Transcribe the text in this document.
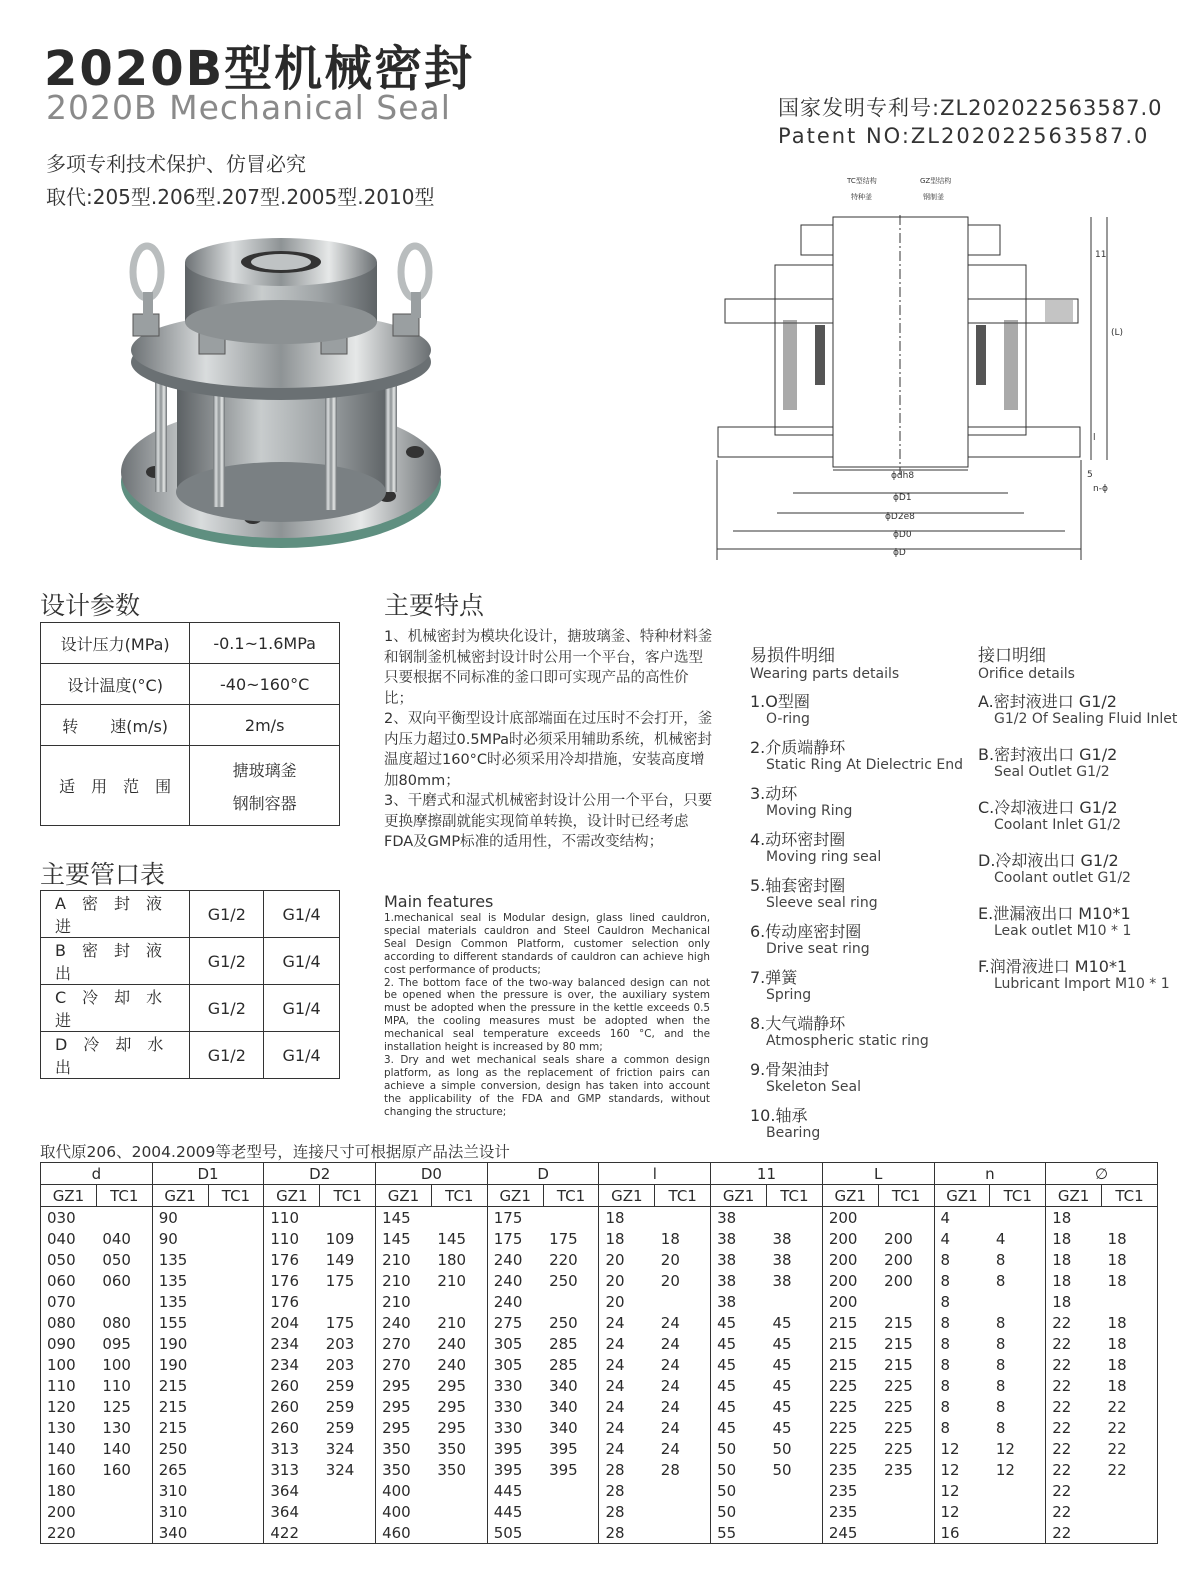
2020B型机械密封
2020B Mechanical Seal
多项专利技术保护、仿冒必究
取代:205型.206型.207型.2005型.2010型
国家发明专利号:ZL202022563587.0
Patent NO:ZL202022563587.0
TC型结构
特种釜
GZ型结构
钢制釜
ϕdh8
ϕD1
ϕD2e8
ϕD0
ϕD
11
(L)
l
5
n-ϕ
设计参数
设计压力(MPa)	-0.1~1.6MPa
设计温度(°C)	-40~160°C
转　　速(m/s)	2m/s
适　用　范　围	搪玻璃釜
钢制容器
主要管口表
A　密　封　液　进	G1/2	G1/4
B　密　封　液　出	G1/2	G1/4
C　冷　却　水　进	G1/2	G1/4
D　冷　却　水　出	G1/2	G1/4
主要特点

1、机械密封为模块化设计，搪玻璃釜、特种材料釜和钢制釜机械密封设计时公用一个平台，客户选型只要根据不同标准的釜口即可实现产品的高性价比；

2、双向平衡型设计底部端面在过压时不会打开，釜内压力超过0.5MPa时必须采用辅助系统，机械密封温度超过160°C时必须采用冷却措施，安装高度增加80mm；

3、干磨式和湿式机械密封设计公用一个平台，只要更换摩擦副就能实现简单转换，设计时已经考虑FDA及GMP标准的适用性，不需改变结构；

Main features

1.mechanical seal is Modular design, glass lined cauldron, special materials cauldron and Steel Cauldron Mechanical Seal Design Common Platform, customer selection only according to different standards of cauldron can achieve high cost performance of products;

2. The bottom face of the two-way balanced design can not be opened when the pressure is over, the auxiliary system must be adopted when the pressure in the kettle exceeds 0.5 MPA, the cooling measures must be adopted when the mechanical seal temperature exceeds 160 °C, and the installation height is increased by 80 mm;

3. Dry and wet mechanical seals share a common design platform, as long as the replacement of friction pairs can achieve a simple conversion, design has taken into account the applicability of the FDA and GMP standards, without changing the structure;

易损件明细
Wearing parts details
1.O型圈
O-ring
2.介质端静环
Static Ring At Dielectric End
3.动环
Moving Ring
4.动环密封圈
Moving ring seal
5.轴套密封圈
Sleeve seal ring
6.传动座密封圈
Drive seat ring
7.弹簧
Spring
8.大气端静环
Atmospheric static ring
9.骨架油封
Skeleton Seal
10.轴承
Bearing
接口明细
Orifice details
A.密封液进口 G1/2
G1/2 Of Sealing Fluid Inlet
B.密封液出口 G1/2
Seal Outlet G1/2
C.冷却液进口 G1/2
Coolant Inlet G1/2
D.冷却液出口 G1/2
Coolant outlet G1/2
E.泄漏液出口 M10*1
Leak outlet M10 * 1
F.润滑液进口 M10*1
Lubricant Import M10 * 1
取代原206、2004.2009等老型号，连接尺寸可根据原产品法兰设计
d		D1		D2		D0		D		l		11		L		n		∅	
GZ1	TC1	GZ1	TC1	GZ1	TC1	GZ1	TC1	GZ1	TC1	GZ1	TC1	GZ1	TC1	GZ1	TC1	GZ1	TC1	GZ1	TC1
030		90		110		145		175		18		38		200		4		18	
040	040	90		110	109	145	145	175	175	18	18	38	38	200	200	4	4	18	18
050	050	135		176	149	210	180	240	220	20	20	38	38	200	200	8	8	18	18
060	060	135		176	175	210	210	240	250	20	20	38	38	200	200	8	8	18	18
070		135		176		210		240		20		38		200		8		18	
080	080	155		204	175	240	210	275	250	24	24	45	45	215	215	8	8	22	18
090	095	190		234	203	270	240	305	285	24	24	45	45	215	215	8	8	22	18
100	100	190		234	203	270	240	305	285	24	24	45	45	215	215	8	8	22	18
110	110	215		260	259	295	295	330	340	24	24	45	45	225	225	8	8	22	18
120	125	215		260	259	295	295	330	340	24	24	45	45	225	225	8	8	22	22
130	130	215		260	259	295	295	330	340	24	24	45	45	225	225	8	8	22	22
140	140	250		313	324	350	350	395	395	24	24	50	50	225	225	12	12	22	22
160	160	265		313	324	350	350	395	395	28	28	50	50	235	235	12	12	22	22
180		310		364		400		445		28		50		235		12		22	
200		310		364		400		445		28		50		235		12		22	
220		340		422		460		505		28		55		245		16		22	
